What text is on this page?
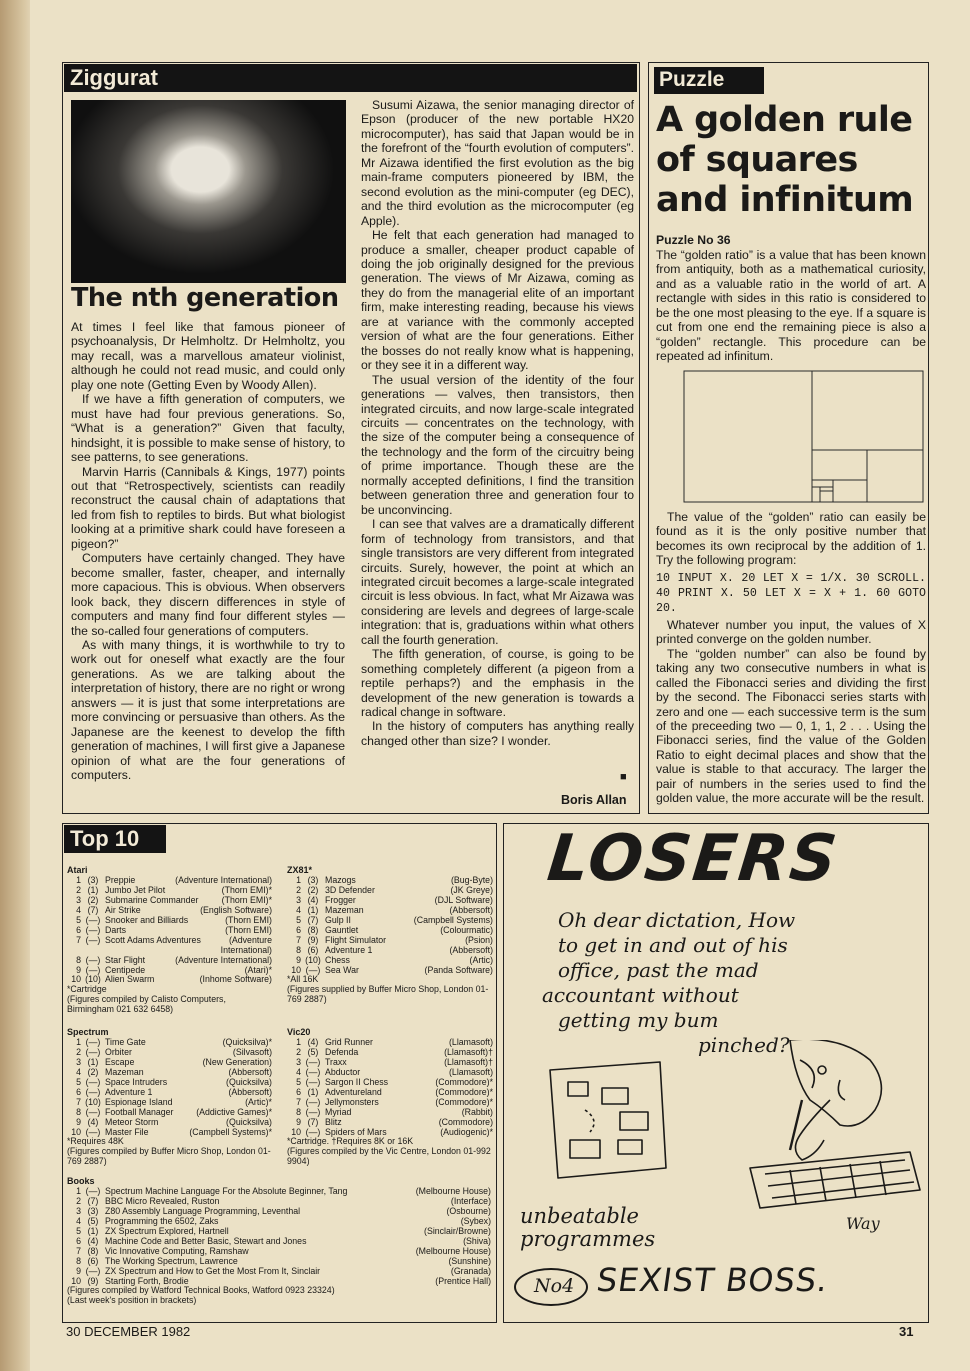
Ziggurat
The nth generation

At times I feel like that famous pioneer of psychoanalysis, Dr Helmholtz. Dr Helmholtz, you may recall, was a marvellous amateur violinist, although he could not read music, and could only play one note (Getting Even by Woody Allen).

If we have a fifth generation of computers, we must have had four previous generations. So, “What is a generation?” Given that faculty, hindsight, it is possible to make sense of history, to see patterns, to see generations.

Marvin Harris (Cannibals & Kings, 1977) points out that “Retrospectively, scientists can readily reconstruct the causal chain of adaptations that led from fish to reptiles to birds. But what biologist looking at a primitive shark could have foreseen a pigeon?”

Computers have certainly changed. They have become smaller, faster, cheaper, and internally more capacious. This is obvious. When observers look back, they discern differences in style of computers and many find four different styles — the so-called four generations of computers.

As with many things, it is worthwhile to try to work out for oneself what exactly are the four generations. As we are talking about the interpretation of history, there are no right or wrong answers — it is just that some interpretations are more convincing or persuasive than others. As the Japanese are the keenest to develop the fifth generation of machines, I will first give a Japanese opinion of what are the four generations of computers.

Susumi Aizawa, the senior managing director of Epson (producer of the new portable HX20 microcomputer), has said that Japan would be in the forefront of the “fourth evolution of computers”. Mr Aizawa identified the first evolution as the big main-frame computers pioneered by IBM, the second evolution as the mini-computer (eg DEC), and the third evolution as the microcomputer (eg Apple).

He felt that each generation had managed to produce a smaller, cheaper product capable of doing the job originally designed for the previous generation. The views of Mr Aizawa, coming as they do from the managerial elite of an important firm, make interesting reading, because his views are at variance with the commonly accepted version of what are the four generations. Either the bosses do not really know what is happening, or they see it in a different way.

The usual version of the identity of the four generations — valves, then transistors, then integrated circuits, and now large-scale integrated circuits — concentrates on the technology, with the size of the computer being a consequence of the technology and the form of the circuitry being of prime importance. Though these are the normally accepted definitions, I find the transition between generation three and generation four to be unconvincing.

I can see that valves are a dramatically different form of technology from transistors, and that single transistors are very different from integrated circuits. Surely, however, the point at which an integrated circuit becomes a large-scale integrated circuit is less obvious. In fact, what Mr Aizawa was considering are levels and degrees of large-scale integration: that is, graduations within what others call the fourth generation.

The fifth generation, of course, is going to be something completely different (a pigeon from a reptile perhaps?) and the emphasis in the development of the new generation is towards a radical change in software.

In the history of computers has anything really changed other than size? I wonder.

■
Boris Allan
Puzzle
A golden rule
of squares
and infinitum
Puzzle No 36

The “golden ratio” is a value that has been known from antiquity, both as a mathematical curiosity, and as a valuable ratio in the world of art. A rectangle with sides in this ratio is considered to be the one most pleasing to the eye. If a square is cut from one end the remaining piece is also a “golden” rectangle. This procedure can be repeated ad infinitum.

The value of the “golden” ratio can easily be found as it is the only positive number that becomes its own reciprocal by the addition of 1. Try the following program:

10 INPUT X. 20 LET X = 1/X. 30 SCROLL. 40 PRINT X. 50 LET X = X + 1. 60 GOTO 20.

Whatever number you input, the values of X printed converge on the golden number.

The “golden number” can also be found by taking any two consecutive numbers in what is called the Fibonacci series and dividing the first by the second. The Fibonacci series starts with zero and one — each successive term is the sum of the preceeding two — 0, 1, 1, 2 . . . Using the Fibonacci series, find the value of the Golden Ratio to eight decimal places and show that the value is stable to that accuracy. The larger the pair of numbers in the series used to find the golden value, the more accurate will be the result.

Top 10
Atari
1 (3) Preppie	(Adventure International)
2 (1) Jumbo Jet Pilot	(Thorn EMI)*
3 (2) Submarine Commander	(Thorn EMI)*
4 (7) Air Strike	(English Software)
5 (—) Snooker and Billiards	(Thorn EMI)
6 (—) Darts	(Thorn EMI)
7 (—) Scott Adams Adventures	(Adventure
International)
8 (—) Star Flight	(Adventure International)
9 (—) Centipede	(Atari)*
10 (10) Alien Swarm	(Inhome Software)
*Cartridge
(Figures compiled by Calisto Computers, Birmingham 021 632 6458)
ZX81*
1 (3) Mazogs	(Bug-Byte)
2 (2) 3D Defender	(JK Greye)
3 (4) Frogger	(DJL Software)
4 (1) Mazeman	(Abbersoft)
5 (7) Gulp II	(Campbell Systems)
6 (8) Gauntlet	(Colourmatic)
7 (9) Flight Simulator	(Psion)
8 (6) Adventure 1	(Abbersoft)
9 (10) Chess	(Artic)
10 (—) Sea War	(Panda Software)
*All 16K
(Figures supplied by Buffer Micro Shop, London 01-769 2887)
Spectrum
1 (—) Time Gate	(Quicksilva)*
2 (—) Orbiter	(Silvasoft)
3 (1) Escape	(New Generation)
4 (2) Mazeman	(Abbersoft)
5 (—) Space Intruders	(Quicksilva)
6 (—) Adventure 1	(Abbersoft)
7 (10) Espionage Island	(Artic)*
8 (—) Football Manager	(Addictive Games)*
9 (4) Meteor Storm	(Quicksilva)
10 (—) Master File	(Campbell Systems)*
*Requires 48K
(Figures compiled by Buffer Micro Shop, London 01-769 2887)
Vic20
1 (4) Grid Runner	(Llamasoft)
2 (5) Defenda	(Llamasoft)†
3 (—) Traxx	(Llamasoft)†
4 (—) Abductor	(Llamasoft)
5 (—) Sargon II Chess	(Commodore)*
6 (1) Adventureland	(Commodore)*
7 (—) Jellymonsters	(Commodore)*
8 (—) Myriad	(Rabbit)
9 (7) Blitz	(Commodore)
10 (—) Spiders of Mars	(Audiogenic)*
*Cartridge. †Requires 8K or 16K
(Figures compiled by the Vic Centre, London 01-992 9904)
Books
1 (—) Spectrum Machine Language For the Absolute Beginner, Tang	(Melbourne House)
2 (7) BBC Micro Revealed, Ruston	(Interface)
3 (3) Z80 Assembly Language Programming, Leventhal	(Osbourne)
4 (5) Programming the 6502, Zaks	(Sybex)
5 (1) ZX Spectrum Explored, Hartnell	(Sinclair/Browne)
6 (4) Machine Code and Better Basic, Stewart and Jones	(Shiva)
7 (8) Vic Innovative Computing, Ramshaw	(Melbourne House)
8 (6) The Working Spectrum, Lawrence	(Sunshine)
9 (—) ZX Spectrum and How to Get the Most From It, Sinclair	(Granada)
10 (9) Starting Forth, Brodie	(Prentice Hall)
(Figures compiled by Watford Technical Books, Watford 0923 23324)
(Last week's position in brackets)
LOSERS
Oh dear dictation, How
to get in and out of his
office, past the mad
accountant without
getting my bum
pinched?
unbeatable
programmes
Way
No4 SEXIST BOSS.
30 DECEMBER 1982	31
